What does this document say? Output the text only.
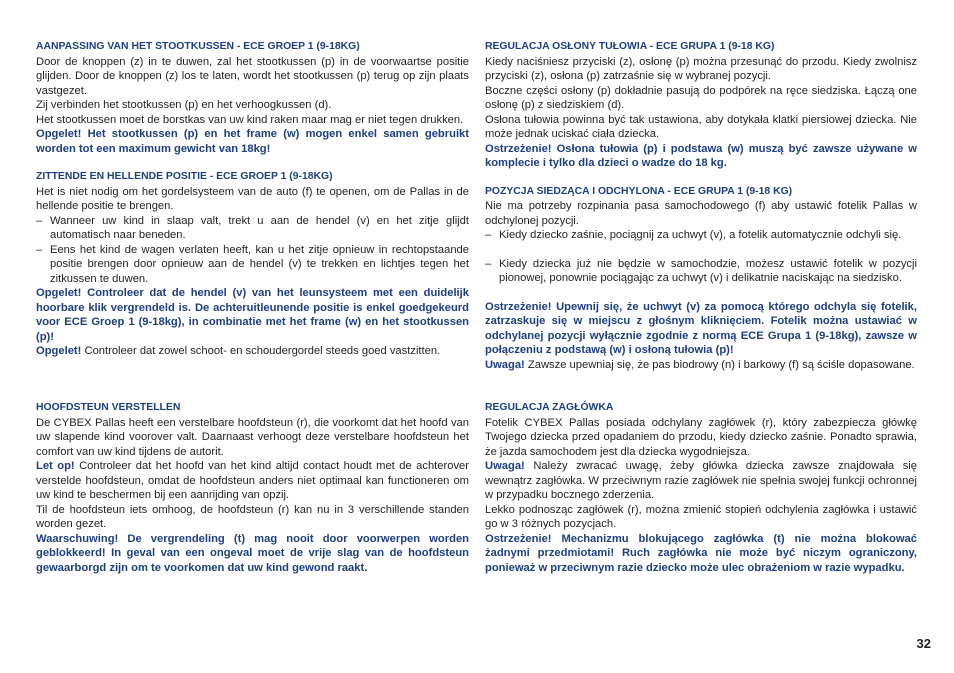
AANPASSING VAN HET STOOTKUSSEN - ECE GROEP 1 (9-18KG)

Door de knoppen (z) in te duwen, zal het stootkussen (p) in de voorwaartse positie glijden. Door de knoppen (z) los te laten, wordt het stootkussen (p) terug op zijn plaats vastgezet.

Zij verbinden het stootkussen (p) en het verhoogkussen (d).

Het stootkussen moet de borstkas van uw kind raken maar mag er niet tegen drukken.

Opgelet! Het stootkussen (p) en het frame (w) mogen enkel samen gebruikt worden tot een maximum gewicht van 18kg!

ZITTENDE EN HELLENDE POSITIE - ECE GROEP 1 (9-18KG)

Het is niet nodig om het gordelsysteem van de auto (f) te openen, om de Pallas in de hellende positie te brengen.

– Wanneer uw kind in slaap valt, trekt u aan de hendel (v) en het zitje glijdt automatisch naar beneden.
– Eens het kind de wagen verlaten heeft, kan u het zitje opnieuw in rechtopstaande positie brengen door opnieuw aan de hendel (v) te trekken en lichtjes tegen het zitkussen te duwen.

Opgelet! Controleer dat de hendel (v) van het leunsysteem met een duidelijk hoorbare klik vergrendeld is. De achteruitleunende positie is enkel goedgekeurd voor ECE Groep 1 (9-18kg), in combinatie met het frame (w) en het stootkussen (p)!

Opgelet! Controleer dat zowel schoot- en schoudergordel steeds goed vastzitten.

HOOFDSTEUN VERSTELLEN

De CYBEX Pallas heeft een verstelbare hoofdsteun (r), die voorkomt dat het hoofd van uw slapende kind voorover valt. Daarnaast verhoogt deze verstelbare hoofdsteun het comfort van uw kind tijdens de autorit.

Let op! Controleer dat het hoofd van het kind altijd contact houdt met de achterover verstelde hoofdsteun, omdat de hoofdsteun anders niet optimaal kan functioneren om uw kind te beschermen bij een aanrijding van opzij.

Til de hoofdsteun iets omhoog, de hoofdsteun (r) kan nu in 3 verschillende standen worden gezet.

Waarschuwing! De vergrendeling (t) mag nooit door voorwerpen worden geblokkeerd! In geval van een ongeval moet de vrije slag van de hoofdsteun gewaarborgd zijn om te voorkomen dat uw kind gewond raakt.

REGULACJA OSŁONY TUŁOWIA - ECE GRUPA 1 (9-18 KG)

Kiedy naciśniesz przyciski (z), osłonę (p) można przesunąć do przodu. Kiedy zwolnisz przyciski (z), osłona (p) zatrzaśnie się w wybranej pozycji.

Boczne części osłony (p) dokładnie pasują do podpórek na ręce siedziska. Łączą one osłonę (p) z siedziskiem (d).

Osłona tułowia powinna być tak ustawiona, aby dotykała klatki piersiowej dziecka. Nie może jednak uciskać ciała dziecka.

Ostrzeżenie! Osłona tułowia (p) i podstawa (w) muszą być zawsze używane w komplecie i tylko dla dzieci o wadze do 18 kg.

POZYCJA SIEDZĄCA I ODCHYLONA - ECE GRUPA 1 (9-18 KG)

Nie ma potrzeby rozpinania pasa samochodowego (f) aby ustawić fotelik Pallas w odchylonej pozycji.

– Kiedy dziecko zaśnie, pociągnij za uchwyt (v), a fotelik automatycznie odchyli się.
– Kiedy dziecka już nie będzie w samochodzie, możesz ustawić fotelik w pozycji pionowej, ponownie pociągając za uchwyt (v) i delikatnie naciskając na siedzisko.

Ostrzeżenie! Upewnij się, że uchwyt (v) za pomocą którego odchyla się fotelik, zatrzaskuje się w miejscu z głośnym kliknięciem. Fotelik można ustawiać w odchylanej pozycji wyłącznie zgodnie z normą ECE Grupa 1 (9-18kg), zawsze w połączeniu z podstawą (w) i osłoną tułowia (p)!

Uwaga! Zawsze upewniaj się, że pas biodrowy (n) i barkowy (f) są ściśle dopasowane.

REGULACJA ZAGŁÓWKA

Fotelik CYBEX Pallas posiada odchylany zagłówek (r), który zabezpiecza główkę Twojego dziecka przed opadaniem do przodu, kiedy dziecko zaśnie. Ponadto sprawia, że jazda samochodem jest dla dziecka wygodniejsza.

Uwaga! Należy zwracać uwagę, żeby główka dziecka zawsze znajdowała się wewnątrz zagłówka. W przeciwnym razie zagłówek nie spełnia swojej funkcji ochronnej w przypadku bocznego zderzenia.

Lekko podnosząc zagłówek (r), można zmienić stopień odchylenia zagłówka i ustawić go w 3 różnych pozycjach.

Ostrzeżenie! Mechanizmu blokującego zagłówka (t) nie można blokować żadnymi przedmiotami! Ruch zagłówka nie może być niczym ograniczony, ponieważ w przeciwnym razie dziecko może ulec obrażeniom w razie wypadku.

32
